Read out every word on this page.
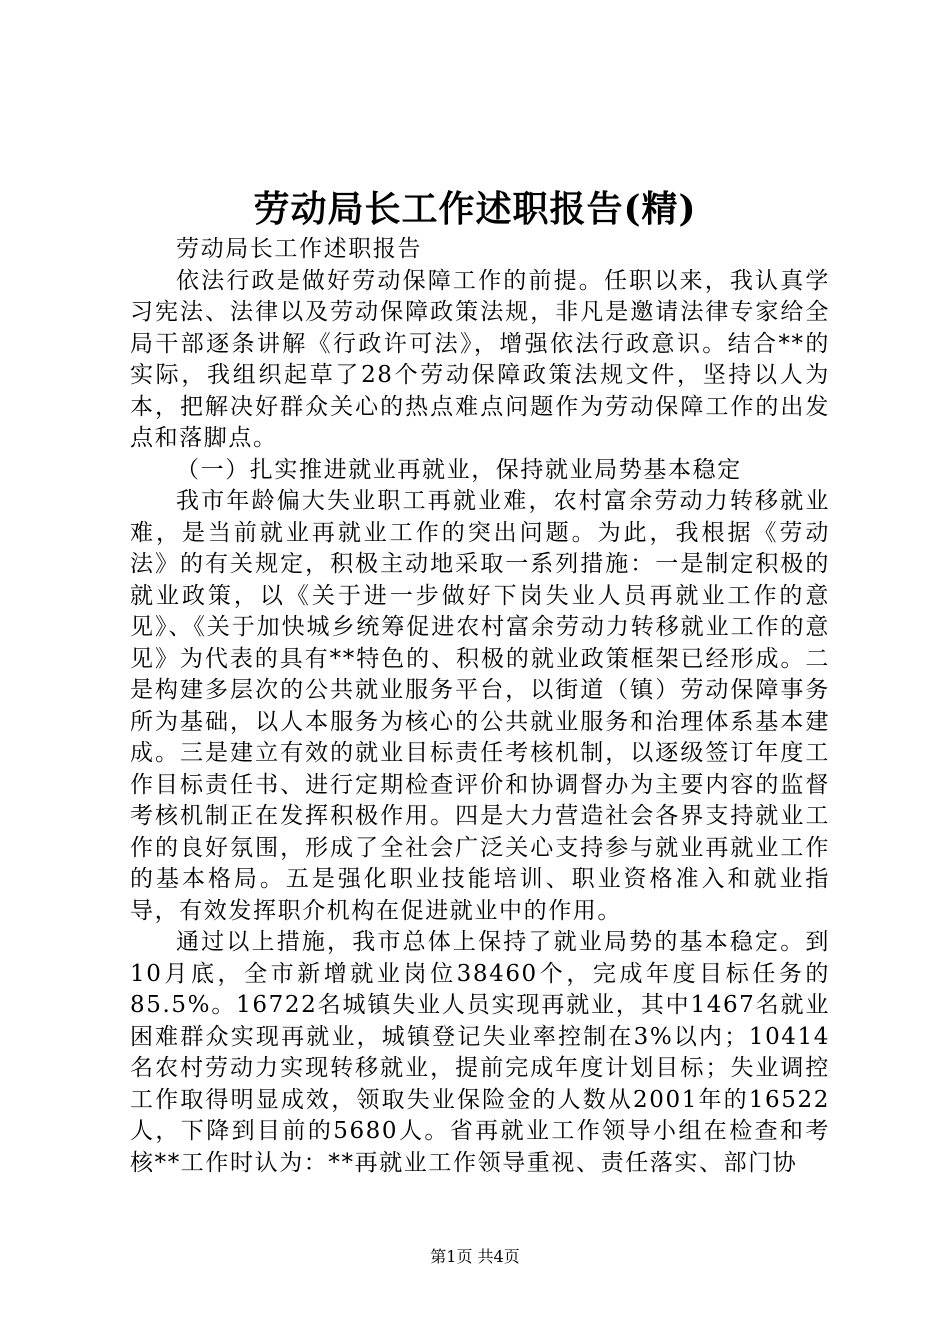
劳动局长工作述职报告(精)

劳动局长工作述职报告

依法行政是做好劳动保障工作的前提。任职以来，我认真学习宪法、法律以及劳动保障政策法规，非凡是邀请法律专家给全局干部逐条讲解《行政许可法》，增强依法行政意识。结合**的实际，我组织起草了28个劳动保障政策法规文件，坚持以人为本，把解决好群众关心的热点难点问题作为劳动保障工作的出发点和落脚点。

（一）扎实推进就业再就业，保持就业局势基本稳定

我市年龄偏大失业职工再就业难，农村富余劳动力转移就业难，是当前就业再就业工作的突出问题。为此，我根据《劳动法》的有关规定，积极主动地采取一系列措施：一是制定积极的就业政策，以《关于进一步做好下岗失业人员再就业工作的意见》、《关于加快城乡统筹促进农村富余劳动力转移就业工作的意见》为代表的具有**特色的、积极的就业政策框架已经形成。二是构建多层次的公共就业服务平台，以街道（镇）劳动保障事务所为基础，以人本服务为核心的公共就业服务和治理体系基本建成。三是建立有效的就业目标责任考核机制，以逐级签订年度工作目标责任书、进行定期检查评价和协调督办为主要内容的监督考核机制正在发挥积极作用。四是大力营造社会各界支持就业工作的良好氛围，形成了全社会广泛关心支持参与就业再就业工作的基本格局。五是强化职业技能培训、职业资格准入和就业指导，有效发挥职介机构在促进就业中的作用。

通过以上措施，我市总体上保持了就业局势的基本稳定。到10月底，全市新增就业岗位38460个，完成年度目标任务的85.5%。16722名城镇失业人员实现再就业，其中1467名就业困难群众实现再就业，城镇登记失业率控制在3%以内；10414名农村劳动力实现转移就业，提前完成年度计划目标；失业调控工作取得明显成效，领取失业保险金的人数从2001年的16522人，下降到目前的5680人。省再就业工作领导小组在检查和考核**工作时认为：**再就业工作领导重视、责任落实、部门协

第1页 共4页
